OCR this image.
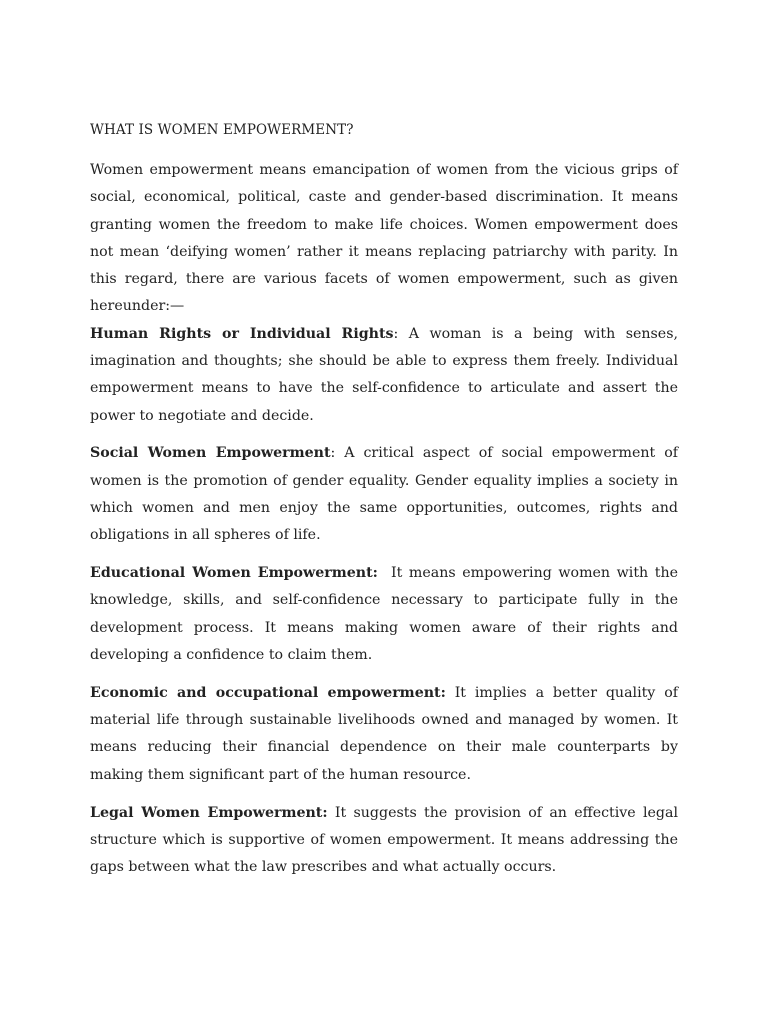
WHAT IS WOMEN EMPOWERMENT?

Women empowerment means emancipation of women from the vicious grips of social, economical, political, caste and gender-based discrimination. It means granting women the freedom to make life choices. Women empowerment does not mean ‘deifying women’ rather it means replacing patriarchy with parity. In this regard, there are various facets of women empowerment, such as given hereunder:—

Human Rights or Individual Rights: A woman is a being with senses, imagination and thoughts; she should be able to express them freely. Individual empowerment means to have the self-confidence to articulate and assert the power to negotiate and decide.

Social Women Empowerment: A critical aspect of social empowerment of women is the promotion of gender equality. Gender equality implies a society in which women and men enjoy the same opportunities, outcomes, rights and obligations in all spheres of life.

Educational Women Empowerment: It means empowering women with the knowledge, skills, and self-confidence necessary to participate fully in the development process. It means making women aware of their rights and developing a confidence to claim them.

Economic and occupational empowerment: It implies a better quality of material life through sustainable livelihoods owned and managed by women. It means reducing their financial dependence on their male counterparts by making them significant part of the human resource.

Legal Women Empowerment: It suggests the provision of an effective legal structure which is supportive of women empowerment. It means addressing the gaps between what the law prescribes and what actually occurs.
